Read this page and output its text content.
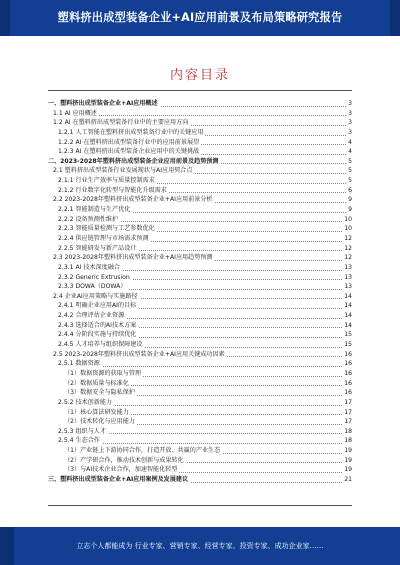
塑料挤出成型装备企业+AI应用前景及布局策略研究报告
内容目录
一、塑料挤出成型装备企业+AI应用概述	3
1.1 AI 应用概述	3
1.2 AI 在塑料挤出成型装备行业中的主要应用方向	3
1.2.1 人工智能在塑料挤出成型装备行业中的关键应用	3
1.2.2 AI 在塑料挤出成型装备行业中的应用前景展望	4
1.2.3 AI 在塑料挤出成型装备企业应用中的关键挑战	4
二、2023-2028年塑料挤出成型装备企业应用前景及趋势预测	5
2.1 塑料挤出成型装备行业发展现状与AI应用契合点	5
2.1.1 行业生产效率与质量控制需求	5
2.1.2 行业数字化转型与智能化升级需求	6
2.2 2023-2028年塑料挤出成型装备企业+AI应用前景分析	9
2.2.1 智能制造与生产优化	9
2.2.2 设备预测性维护	10
2.2.3 智能质量检测与工艺参数优化	10
2.2.4 供应链管理与市场需求预测	12
2.2.5 智能研发与新产品设计	12
2.3 2023-2028年塑料挤出成型装备企业+AI应用趋势预测	12
2.3.1 AI 技术深度融合	13
2.3.2 Generic Extrusion	13
2.3.3 DOWA（DOWA）	13
2.4 企业AI应用策略与实施路径	14
2.4.1 明确企业应用AI的目标	14
2.4.2 合理评估企业资源	14
2.4.3 选择适合的AI技术方案	14
2.4.4 分阶段实施与持续优化	15
2.4.5 人才培养与组织保障建设	15
2.5 2023-2028年塑料挤出成型装备企业+AI应用关键成功因素	16
2.5.1 数据资源	16
（1）数据资源的获取与管理	16
（2）数据质量与标准化	16
（3）数据安全与隐私保护	16
2.5.2 技术创新能力	17
（1）核心算法研发能力	17
（2）技术转化与应用能力	17
2.5.3 组织与人才	18
2.5.4 生态合作	18
（1）产业链上下游协同合作，打造开放、共赢的产业生态	19
（2）产学研合作，推动技术创新与成果转化	19
（3）与AI技术企业合作，加速智能化转型	19
三、塑料挤出成型装备企业+AI应用案例及发展建议	21
立志个人都能成为 行业专家、营销专家、经营专家、投资专家、成功企业家……
